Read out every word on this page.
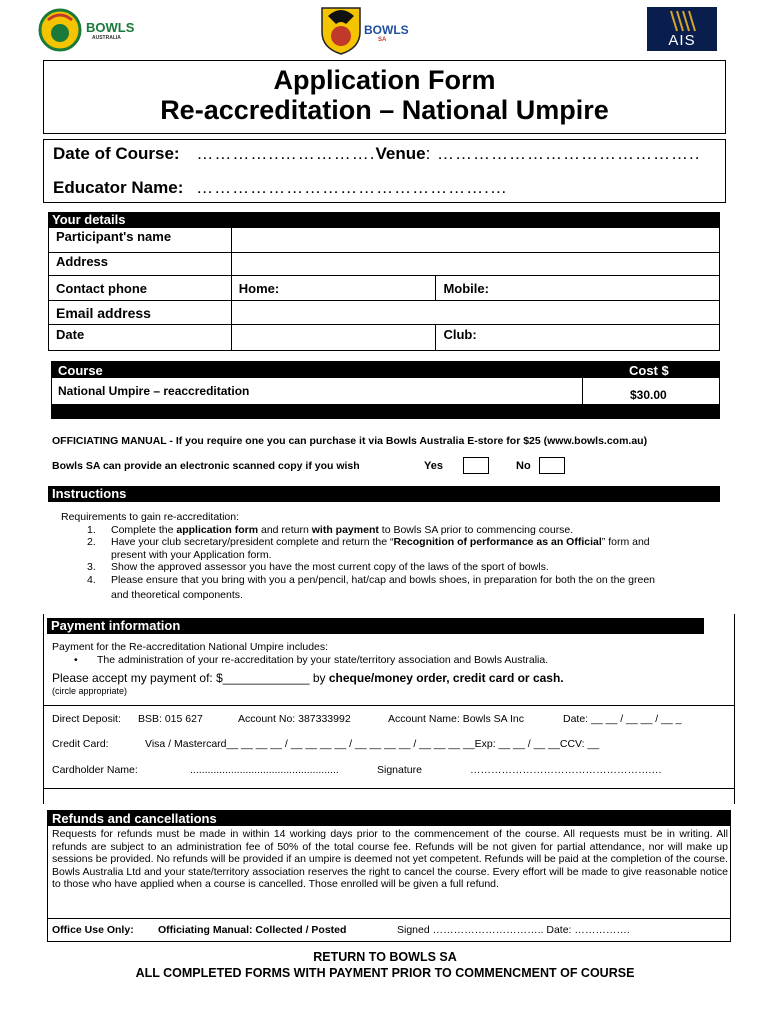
BOWLS
AUSTRALIA
BOWLS
SA	AIS
Application Form
Re-accreditation – National Umpire
Date of Course: …………..…………….Venue: ……………………………………..
Educator Name: ………………………………………….…
Your details
Participant's name		
Address		
Contact phone	Home:	Mobile:
Email address		
Date		Club:
Course	Cost $
National Umpire – reaccreditation	$30.00
OFFICIATING MANUAL - If you require one you can purchase it via Bowls Australia E-store for $25 (www.bowls.com.au)
Bowls SA can provide an electronic scanned copy if you wish	Yes	No
Instructions
Requirements to gain re-accreditation:
1. Complete the application form and return with payment to Bowls SA prior to commencing course.
2. Have your club secretary/president complete and return the “Recognition of performance as an Official” form and
present with your Application form.
3. Show the approved assessor you have the most current copy of the laws of the sport of bowls.
4. Please ensure that you bring with you a pen/pencil, hat/cap and bowls shoes, in preparation for both the on the green
and theoretical components.
Payment information
Payment for the Re-accreditation National Umpire includes:
• The administration of your re-accreditation by your state/territory association and Bowls Australia.
Please accept my payment of: $_____________ by cheque/money order, credit card or cash.
(circle appropriate)
Direct Deposit: BSB: 015 627	Account No: 387333992	Account Name: Bowls SA Inc	Date: __ __ / __ __ / __ _
Credit Card:	Visa / Mastercard__ __ __ __ / __ __ __ __ / __ __ __ __ / __ __ __ __Exp: __ __ / __ __CCV: __
Cardholder Name:	...................................................	Signature	…………………………………………….…
Refunds and cancellations
Requests for refunds must be made in within 14 working days prior to the commencement of the course. All requests must be in writing. All refunds are subject to an administration fee of 50% of the total course fee. Refunds will be not given for partial attendance, nor will make up sessions be provided. No refunds will be provided if an umpire is deemed not yet competent. Refunds will be paid at the completion of the course. Bowls Australia Ltd and your state/territory association reserves the right to cancel the course. Every effort will be made to give reasonable notice to those who have applied when a course is cancelled. Those enrolled will be given a full refund.
Office Use Only: Officiating Manual: Collected / Posted	Signed ………………………….. Date: …………….
RETURN TO BOWLS SA
ALL COMPLETED FORMS WITH PAYMENT PRIOR TO COMMENCMENT OF COURSE
